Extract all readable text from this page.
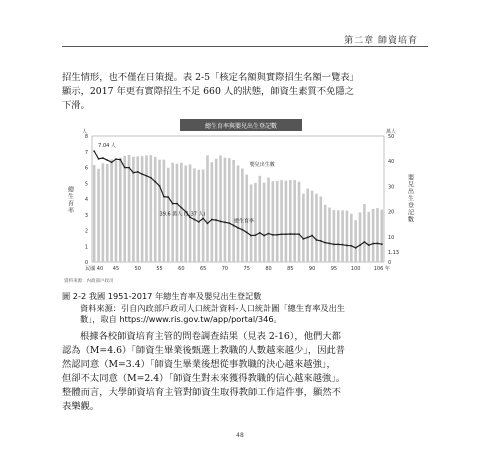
第二章 師資培育

招生情形，也不僅在日策提。表 2-5「核定名額與實際招生名額一覽表」

顯示，2017 年更有實際招生不足 660 人的狀態，師資生素質不免隱之

下滑。

總生育率與嬰兒出生登記數
8
7
6
5
4
3
2
1
0
50
40
30
20
10
0
人	萬人
總生育率	嬰兒出生登記數
民國 40 45	50	55	60	65	70	75	80	85	90	95	100	106 年
7.04 人
嬰兒出生數
總生育率
39.6 萬人 (1,37 人)
1.13
資料來源：內政部戶政司
圖 2-2 我國 1951-2017 年總生育率及嬰兒出生登記數
資料來源：引自內政部戶政司人口統計資料-人口統計圖「總生育率及出生
數」，取自 https://www.ris.gov.tw/app/portal/346。

根據各校師資培育主管的問卷調查結果（見表 2-16），他們大都

認為（M=4.6）「師資生畢業後甄選上教職的人數越來越少」，因此普

然認同意（M=3.4）「師資生畢業後想從事教職的決心越來越強」，

但卻不太同意（M=2.4）「師資生對未來獲得教職的信心越來越強」。

整體而言，大學師資培育主管對師資生取得教師工作這件事，顯然不

表樂觀。

48
